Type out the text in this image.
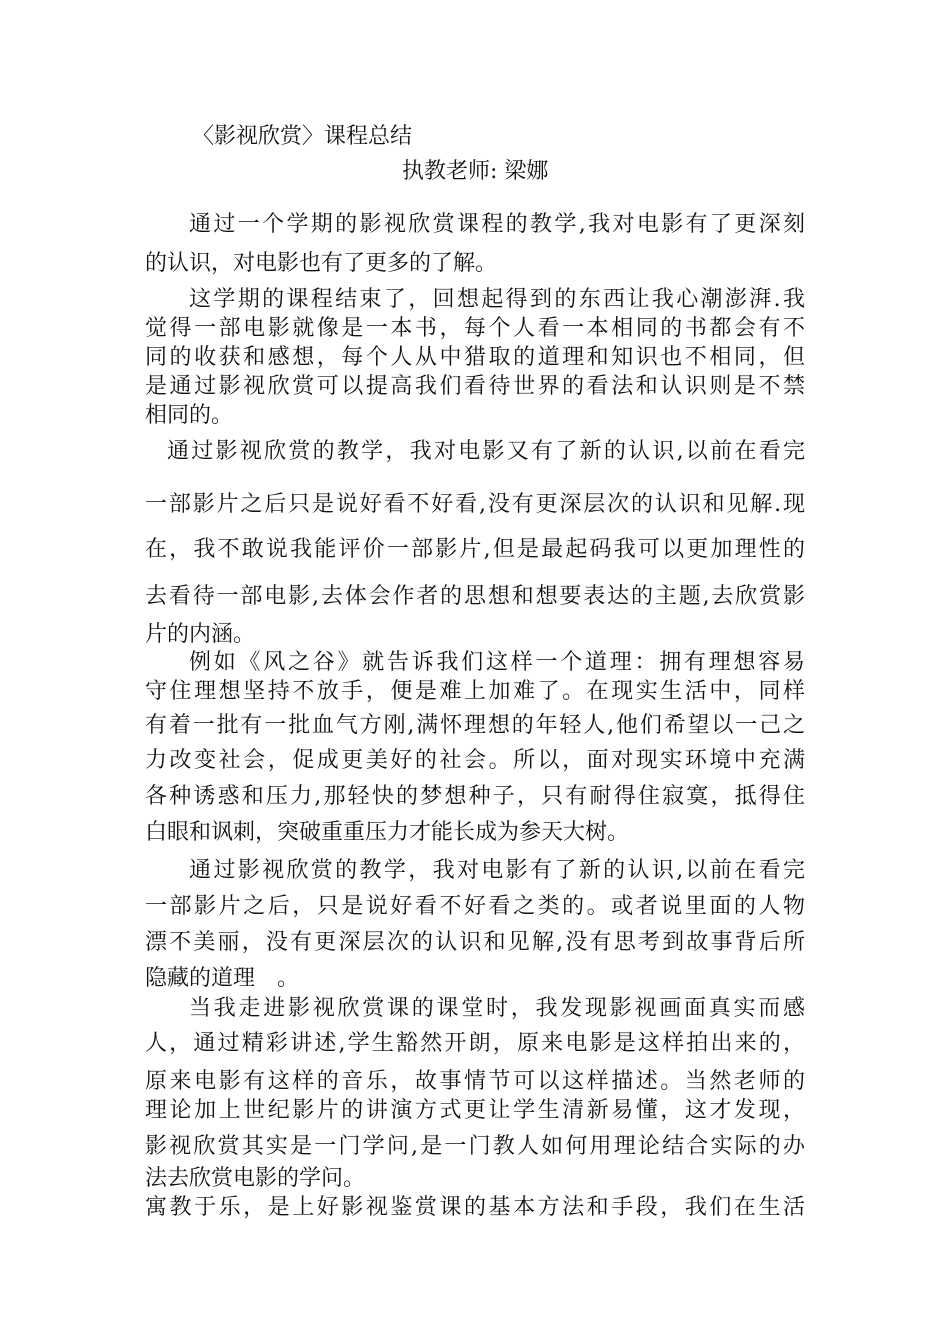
〈影视欣赏〉课程总结
执教老师: 梁娜
通过一个学期的影视欣赏课程的教学,我对电影有了更深刻
的认识，对电影也有了更多的了解。
这学期的课程结束了，回想起得到的东西让我心潮澎湃.我
觉得一部电影就像是一本书，每个人看一本相同的书都会有不
同的收获和感想，每个人从中猎取的道理和知识也不相同，但
是通过影视欣赏可以提高我们看待世界的看法和认识则是不禁
相同的。
通过影视欣赏的教学，我对电影又有了新的认识,以前在看完
一部影片之后只是说好看不好看,没有更深层次的认识和见解.现
在，我不敢说我能评价一部影片,但是最起码我可以更加理性的
去看待一部电影,去体会作者的思想和想要表达的主题,去欣赏影
片的内涵。
例如《风之谷》就告诉我们这样一个道理：拥有理想容易
守住理想坚持不放手，便是难上加难了。在现实生活中，同样
有着一批有一批血气方刚,满怀理想的年轻人,他们希望以一己之
力改变社会，促成更美好的社会。所以，面对现实环境中充满
各种诱惑和压力,那轻快的梦想种子，只有耐得住寂寞，抵得住
白眼和讽刺，突破重重压力才能长成为参天大树。
通过影视欣赏的教学，我对电影有了新的认识,以前在看完
一部影片之后，只是说好看不好看之类的。或者说里面的人物
漂不美丽，没有更深层次的认识和见解,没有思考到故事背后所
隐藏的道理　。
当我走进影视欣赏课的课堂时，我发现影视画面真实而感
人，通过精彩讲述,学生豁然开朗，原来电影是这样拍出来的，
原来电影有这样的音乐，故事情节可以这样描述。当然老师的
理论加上世纪影片的讲演方式更让学生清新易懂，这才发现，
影视欣赏其实是一门学问,是一门教人如何用理论结合实际的办
法去欣赏电影的学问。
寓教于乐，是上好影视鉴赏课的基本方法和手段，我们在生活
